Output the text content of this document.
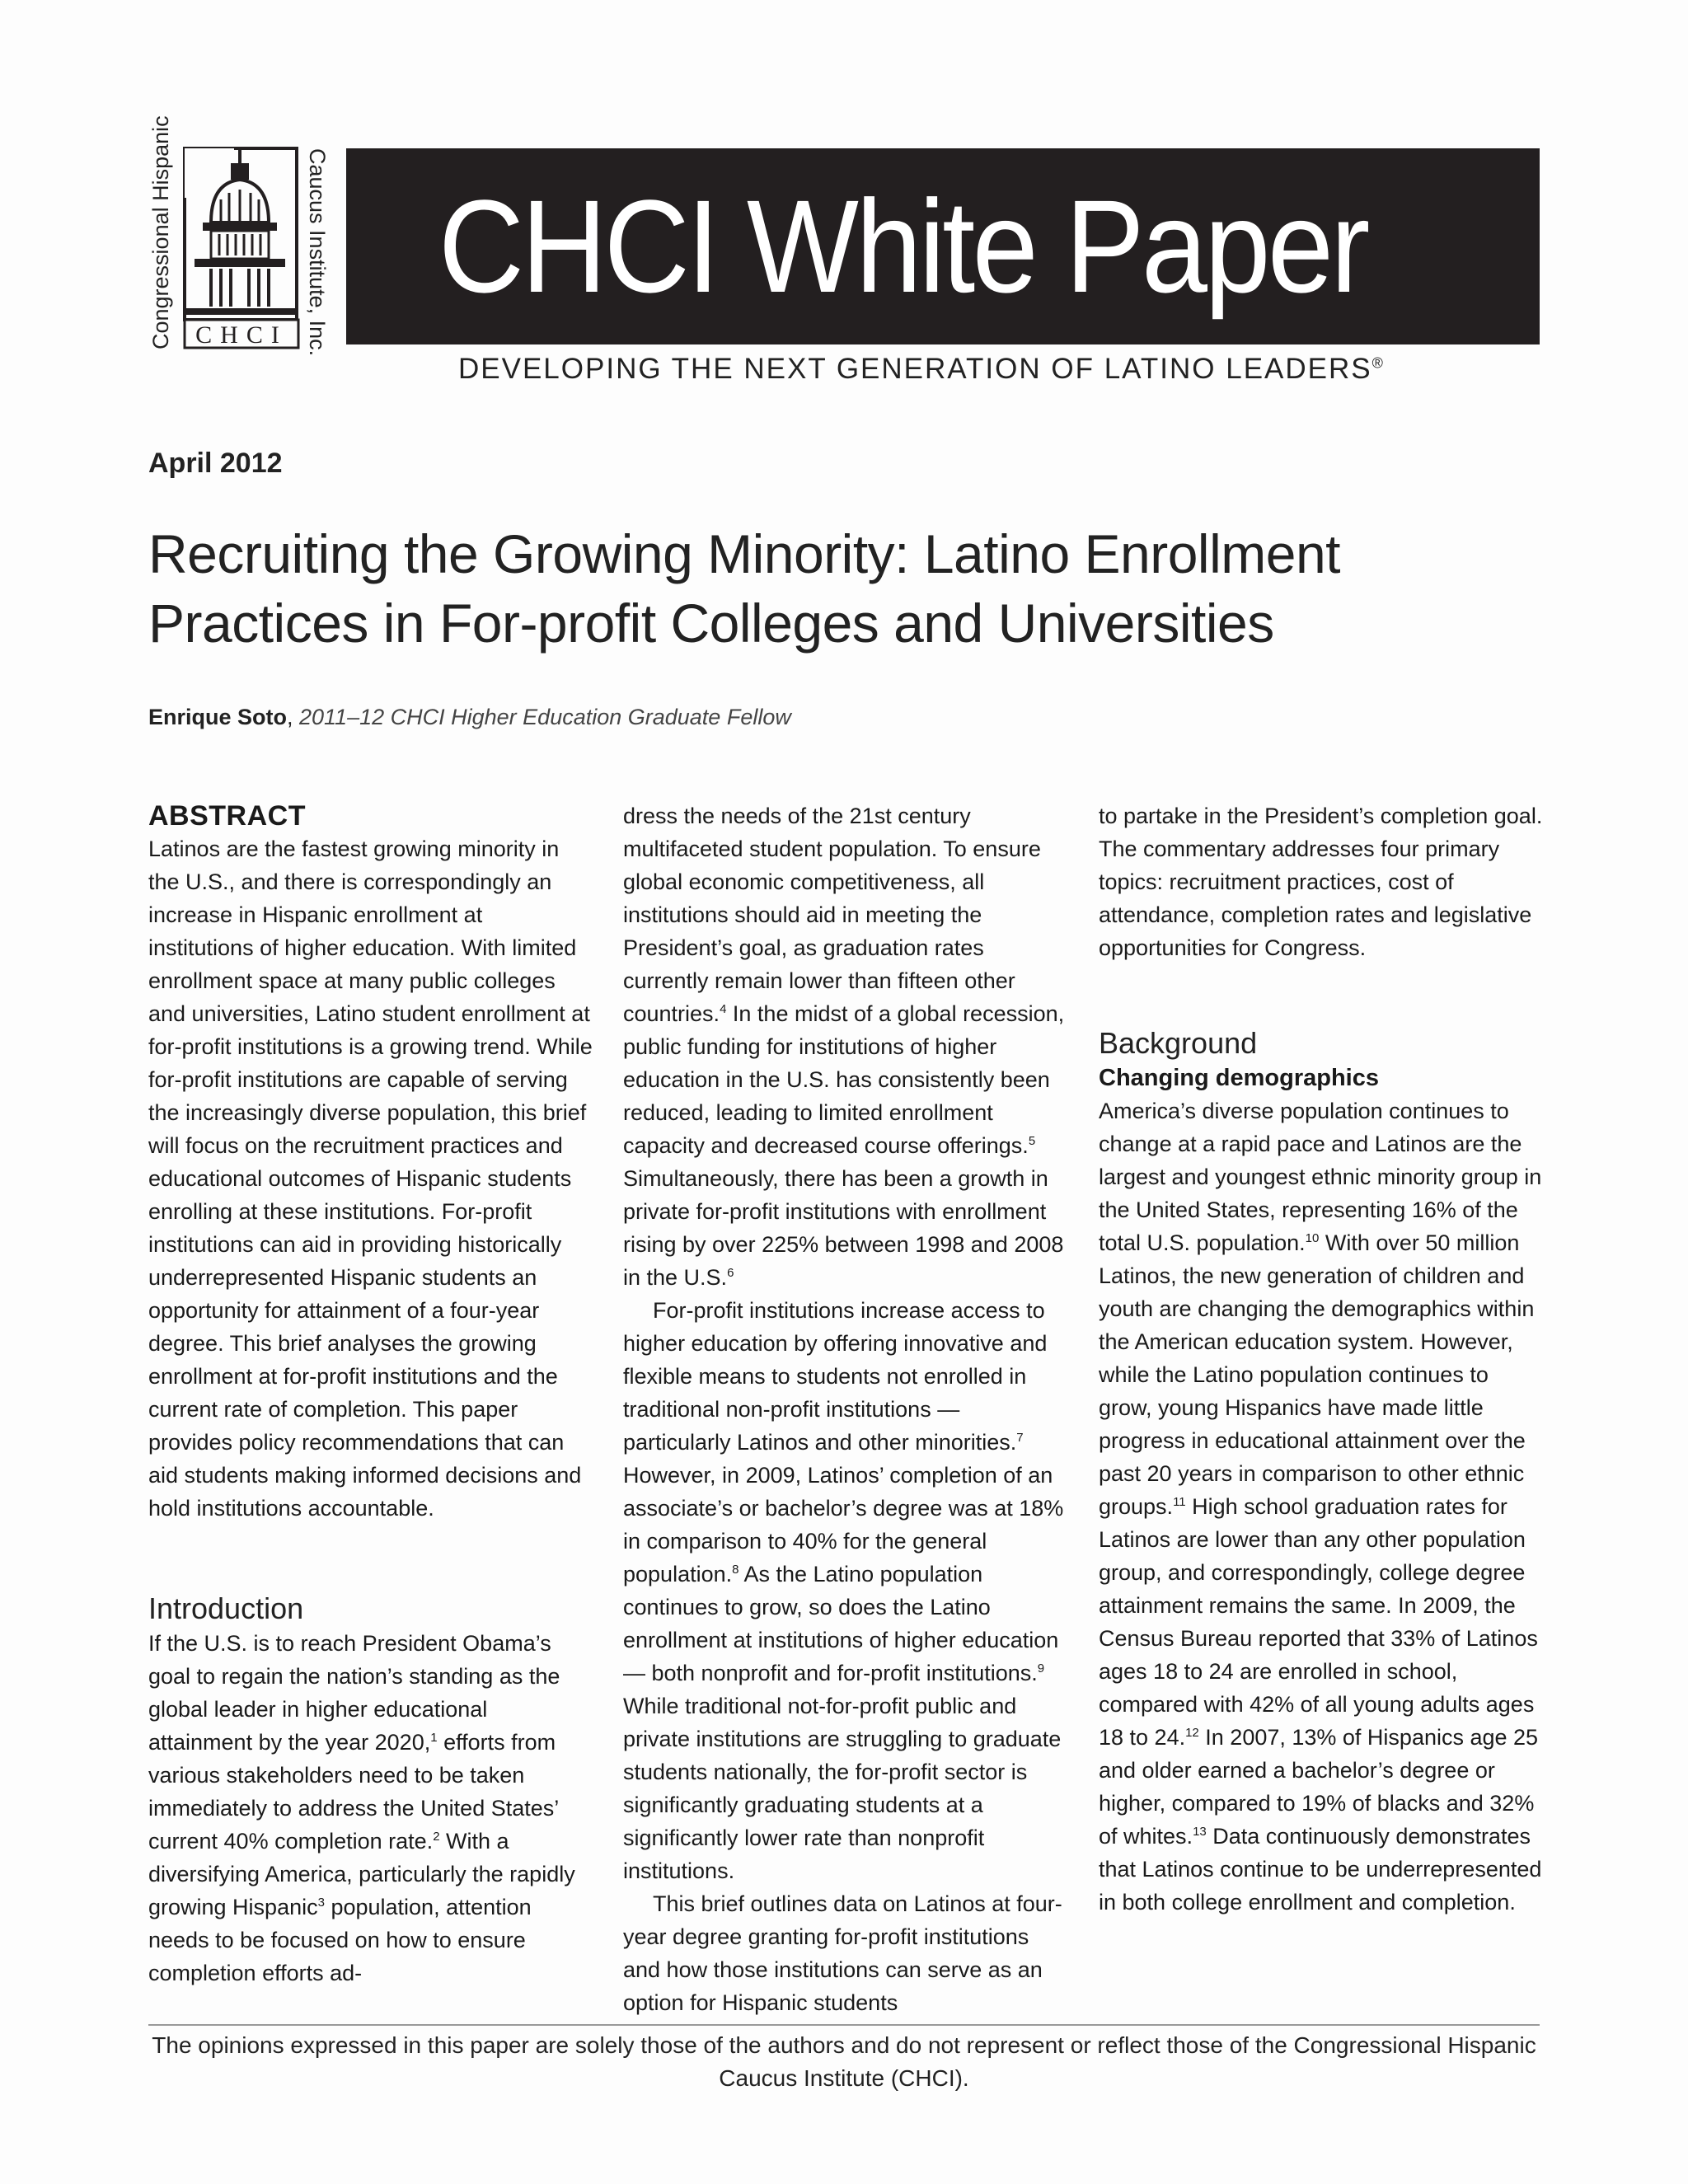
Congressional Hispanic CHCI Caucus Institute, Inc. CHCI White Paper
DEVELOPING THE NEXT GENERATION OF LATINO LEADERS®
April 2012
Recruiting the Growing Minority: Latino Enrollment Practices in For-profit Colleges and Universities
Enrique Soto, 2011–12 CHCI Higher Education Graduate Fellow

ABSTRACT

Latinos are the fastest growing minority in the U.S., and there is correspondingly an increase in Hispanic enrollment at institutions of higher education. With limited enrollment space at many public colleges and universities, Latino student enrollment at for-profit institutions is a growing trend. While for-profit institutions are capable of serving the increasingly diverse population, this brief will focus on the recruitment practices and educational outcomes of Hispanic students enrolling at these institutions. For-profit institutions can aid in providing historically underrepresented Hispanic students an opportunity for attainment of a four-year degree. This brief analyses the growing enrollment at for-profit institutions and the current rate of completion. This paper provides policy recommendations that can aid students making informed decisions and hold institutions accountable.

Introduction

If the U.S. is to reach President Obama’s goal to regain the nation’s standing as the global leader in higher educational attainment by the year 2020,$^1$ efforts from various stakeholders need to be taken immediately to address the United States’ current 40% completion rate.$^2$ With a diversifying America, particularly the rapidly growing Hispanic$^3$ population, attention needs to be focused on how to ensure completion efforts ad-

dress the needs of the 21st century multifaceted student population. To ensure global economic competitiveness, all institutions should aid in meeting the President’s goal, as graduation rates currently remain lower than fifteen other countries.$^4$ In the midst of a global recession, public funding for institutions of higher education in the U.S. has consistently been reduced, leading to limited enrollment capacity and decreased course offerings.$^5$ Simultaneously, there has been a growth in private for-profit institutions with enrollment rising by over 225% between 1998 and 2008 in the U.S.$^6$

For-profit institutions increase access to higher education by offering innovative and flexible means to students not enrolled in traditional non-profit institutions — particularly Latinos and other minorities.$^7$ However, in 2009, Latinos’ completion of an associate’s or bachelor’s degree was at 18% in comparison to 40% for the general population.$^8$ As the Latino population continues to grow, so does the Latino enrollment at institutions of higher education — both nonprofit and for-profit institutions.$^9$ While traditional not-for-profit public and private institutions are struggling to graduate students nationally, the for-profit sector is significantly graduating students at a significantly lower rate than nonprofit institutions.

This brief outlines data on Latinos at four-year degree granting for-profit institutions and how those institutions can serve as an option for Hispanic students

to partake in the President’s completion goal. The commentary addresses four primary topics: recruitment practices, cost of attendance, completion rates and legislative opportunities for Congress.

Background

Changing demographics

America’s diverse population continues to change at a rapid pace and Latinos are the largest and youngest ethnic minority group in the United States, representing 16% of the total U.S. population.$^{10}$ With over 50 million Latinos, the new generation of children and youth are changing the demographics within the American education system. However, while the Latino population continues to grow, young Hispanics have made little progress in educational attainment over the past 20 years in comparison to other ethnic groups.$^{11}$ High school graduation rates for Latinos are lower than any other population group, and correspondingly, college degree attainment remains the same. In 2009, the Census Bureau reported that 33% of Latinos ages 18 to 24 are enrolled in school, compared with 42% of all young adults ages 18 to 24.12 In 2007, 13% of Hispanics age 25 and older earned a bachelor’s degree or higher, compared to 19% of blacks and 32% of whites.$^{13}$ Data continuously demonstrates that Latinos continue to be underrepresented in both college enrollment and completion.

The opinions expressed in this paper are solely those of the authors and do not represent or reflect those of the Congressional Hispanic Caucus Institute (CHCI).
